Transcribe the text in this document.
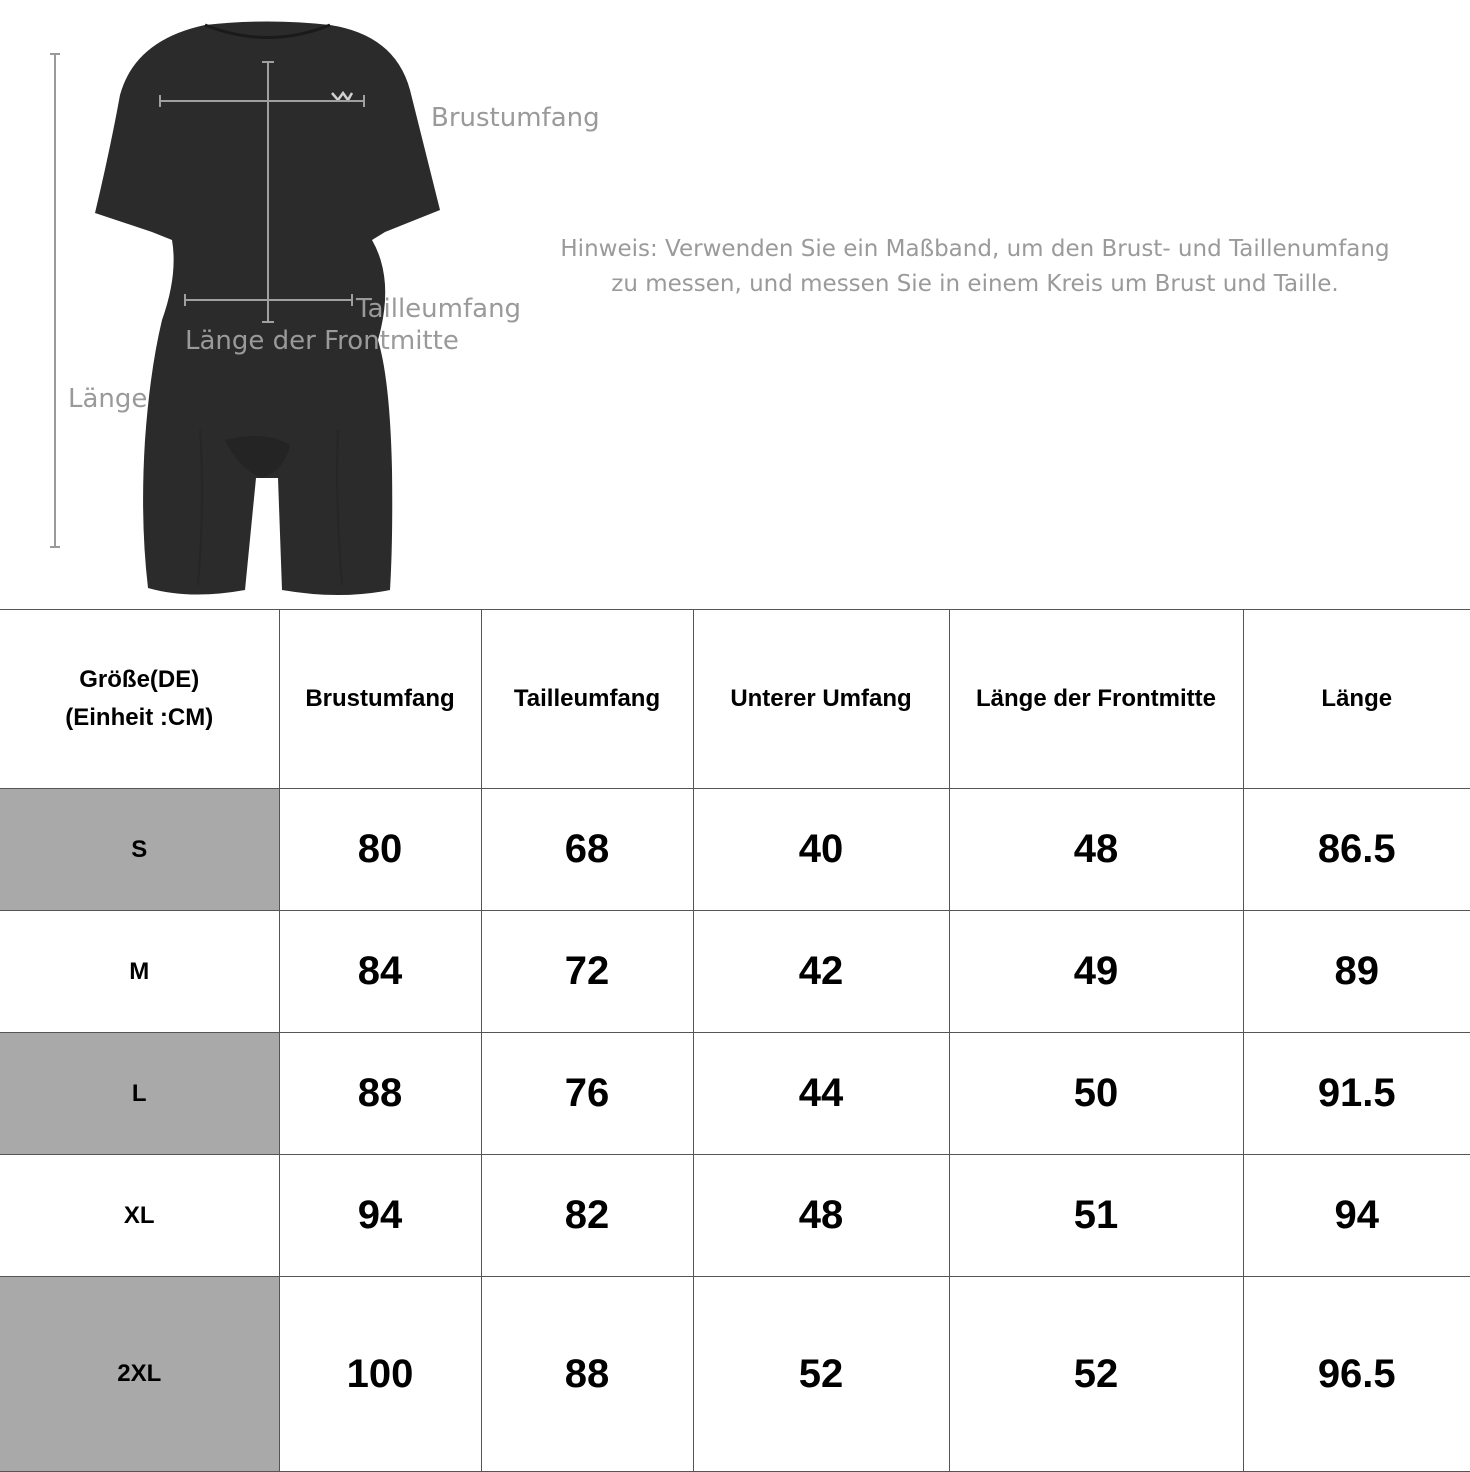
Brustumfang
Tailleumfang
Länge der Frontmitte
Länge
Hinweis: Verwenden Sie ein Maßband, um den Brust- und Taillenumfang
zu messen, und messen Sie in einem Kreis um Brust und Taille.
Größe(DE)
(Einheit :CM)	Brustumfang	Tailleumfang	Unterer Umfang	Länge der Frontmitte	Länge
S	80	68	40	48	86.5
M	84	72	42	49	89
L	88	76	44	50	91.5
XL	94	82	48	51	94
2XL	100	88	52	52	96.5
